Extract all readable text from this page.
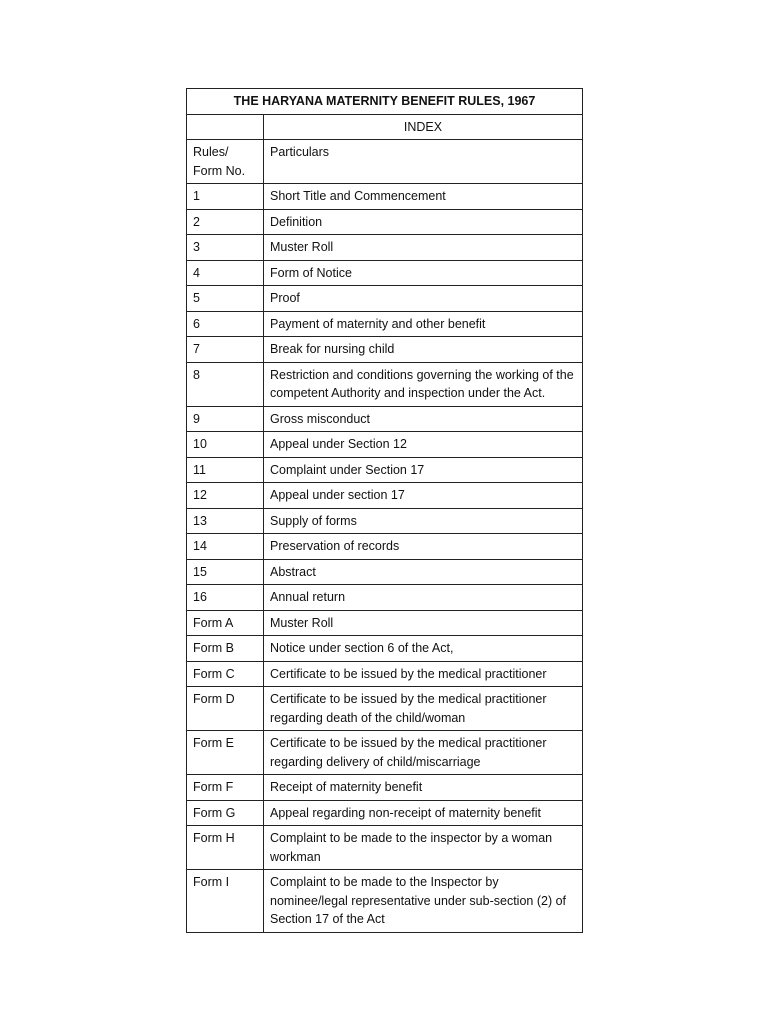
THE HARYANA MATERNITY BENEFIT RULES, 1967	
	INDEX
Rules/
Form No.	Particulars
1	Short Title and Commencement
2	Definition
3	Muster Roll
4	Form of Notice
5	Proof
6	Payment of maternity and other benefit
7	Break for nursing child
8	Restriction and conditions governing the working of the competent Authority and inspection under the Act.
9	Gross misconduct
10	Appeal under Section 12
11	Complaint under Section 17
12	Appeal under section 17
13	Supply of forms
14	Preservation of records
15	Abstract
16	Annual return
Form A	Muster Roll
Form B	Notice under section 6 of the Act,
Form C	Certificate to be issued by the medical practitioner
Form D	Certificate to be issued by the medical practitioner regarding death of the child/woman
Form E	Certificate to be issued by the medical practitioner regarding delivery of child/miscarriage
Form F	Receipt of maternity benefit
Form G	Appeal regarding non-receipt of maternity benefit
Form H	Complaint to be made to the inspector by a woman workman
Form I	Complaint to be made to the Inspector by nominee/legal representative under sub-section (2) of Section 17 of the Act
